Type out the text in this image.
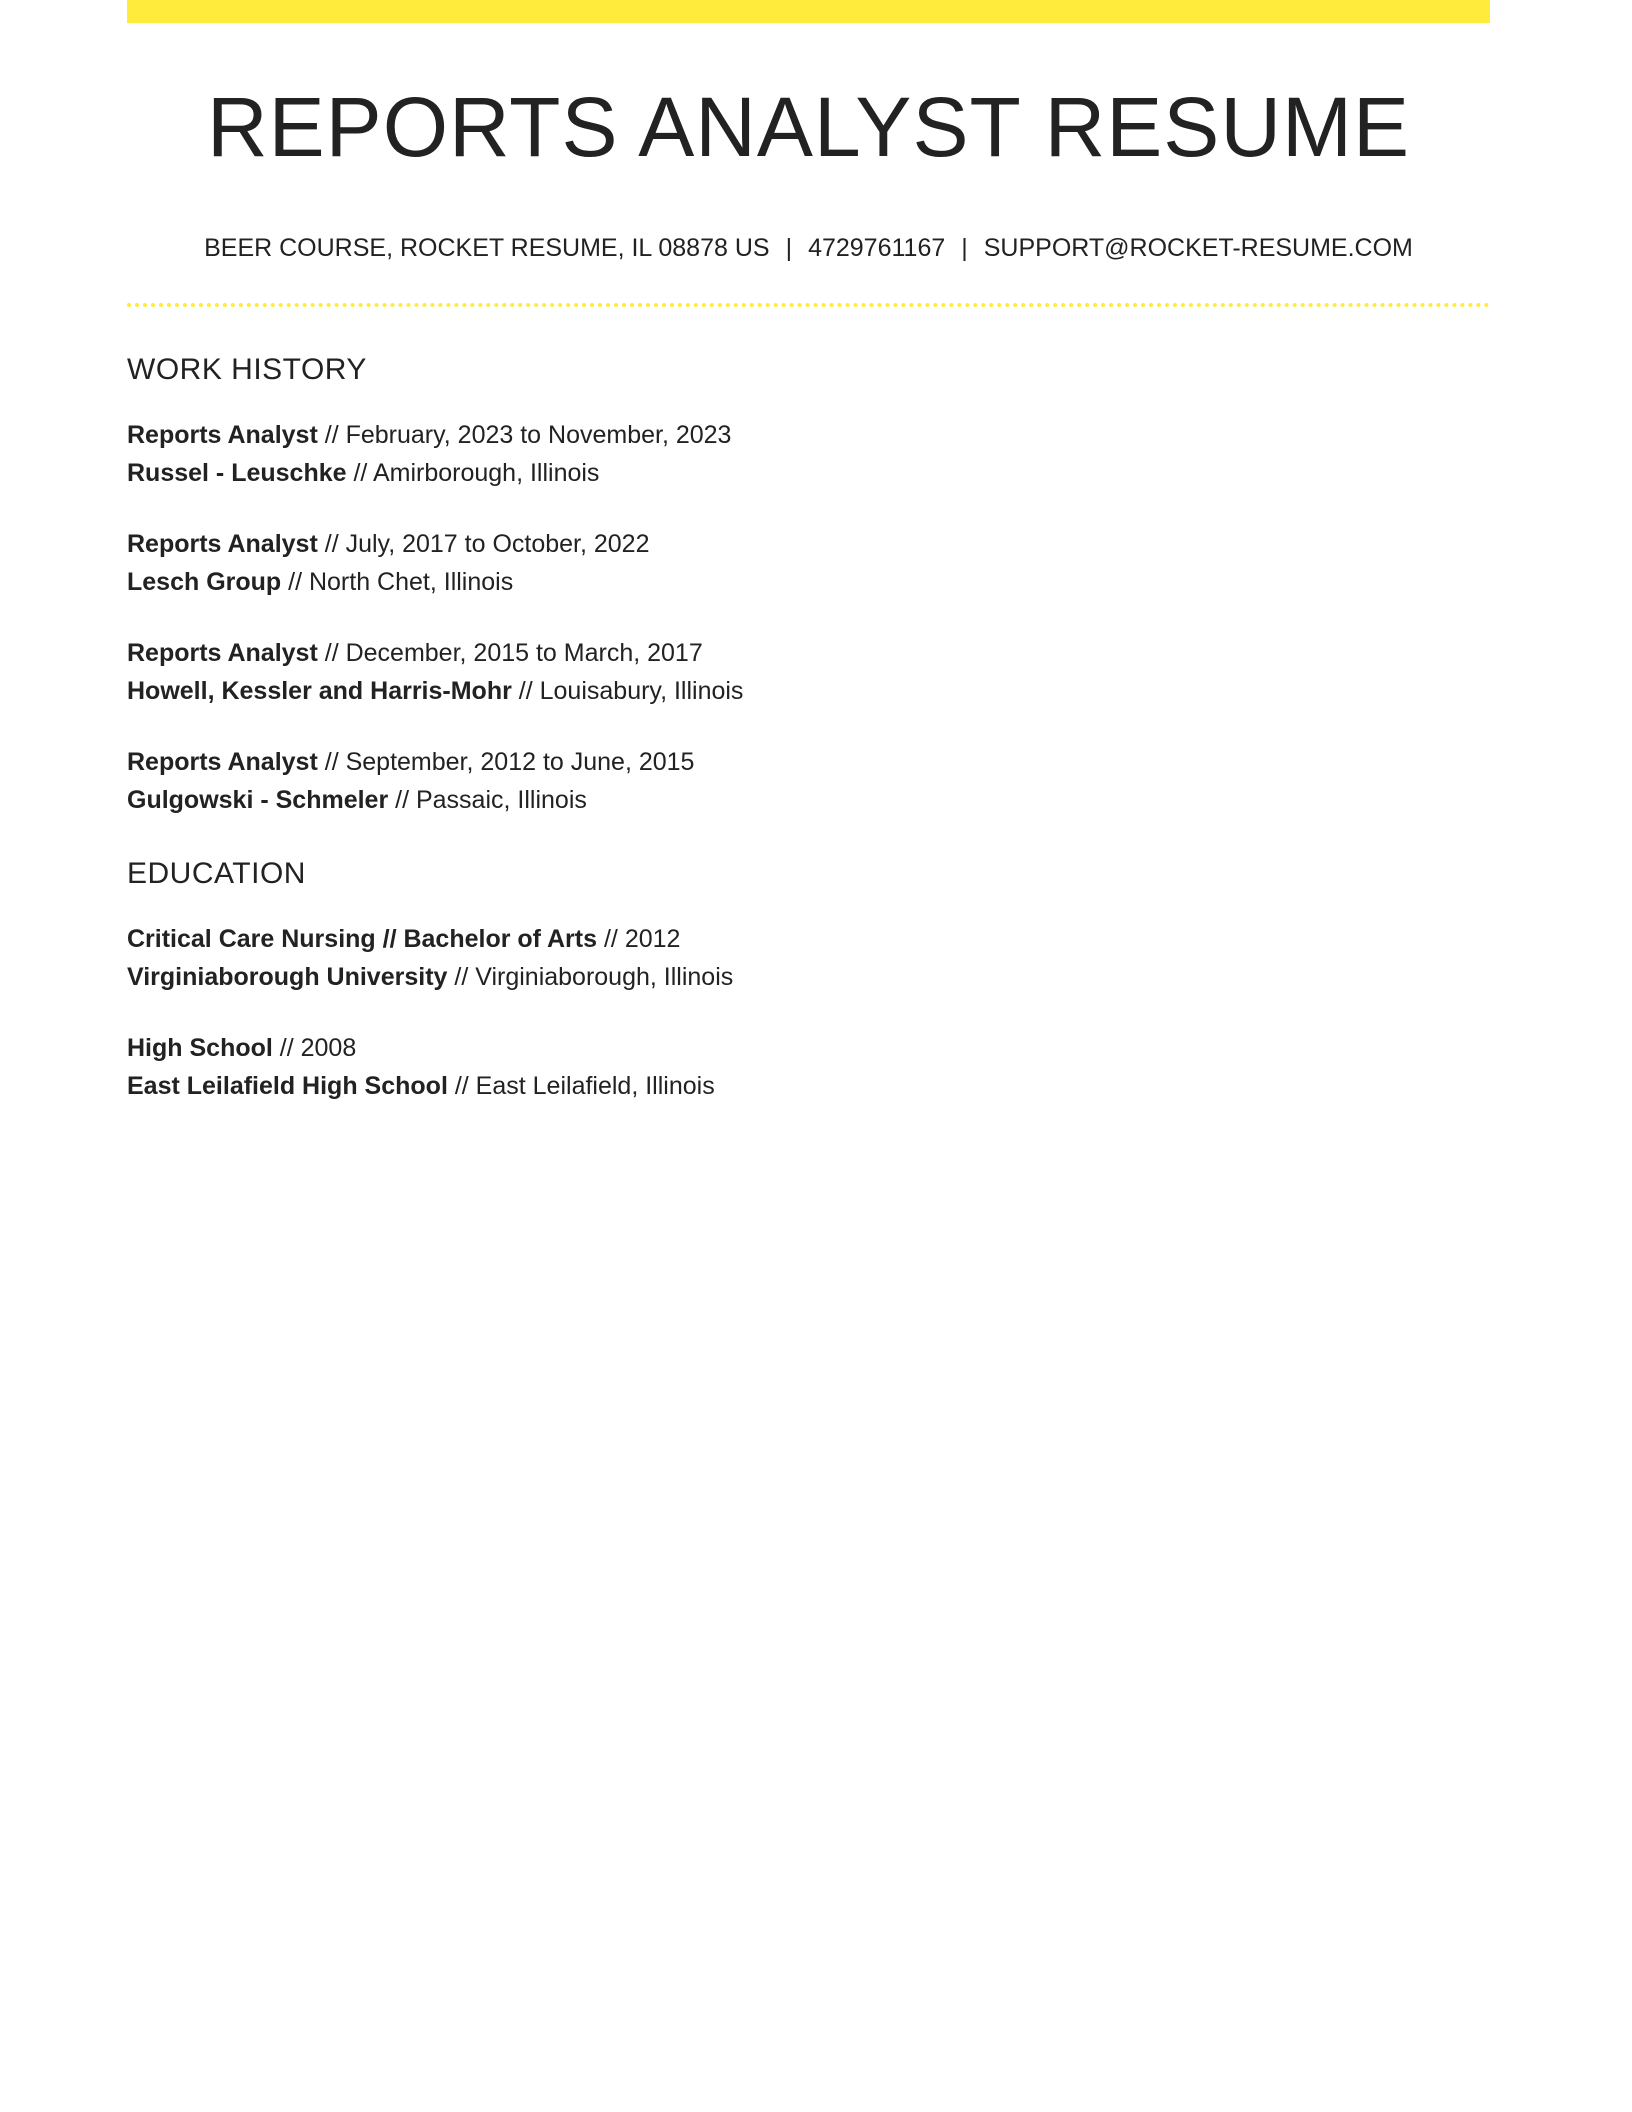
REPORTS ANALYST RESUME
BEER COURSE, ROCKET RESUME, IL 08878 US | 4729761167 | SUPPORT@ROCKET-RESUME.COM
WORK HISTORY
Reports Analyst // February, 2023 to November, 2023
Russel - Leuschke // Amirborough, Illinois
Reports Analyst // July, 2017 to October, 2022
Lesch Group // North Chet, Illinois
Reports Analyst // December, 2015 to March, 2017
Howell, Kessler and Harris-Mohr // Louisabury, Illinois
Reports Analyst // September, 2012 to June, 2015
Gulgowski - Schmeler // Passaic, Illinois
EDUCATION
Critical Care Nursing // Bachelor of Arts // 2012
Virginiaborough University // Virginiaborough, Illinois
High School // 2008
East Leilafield High School // East Leilafield, Illinois
